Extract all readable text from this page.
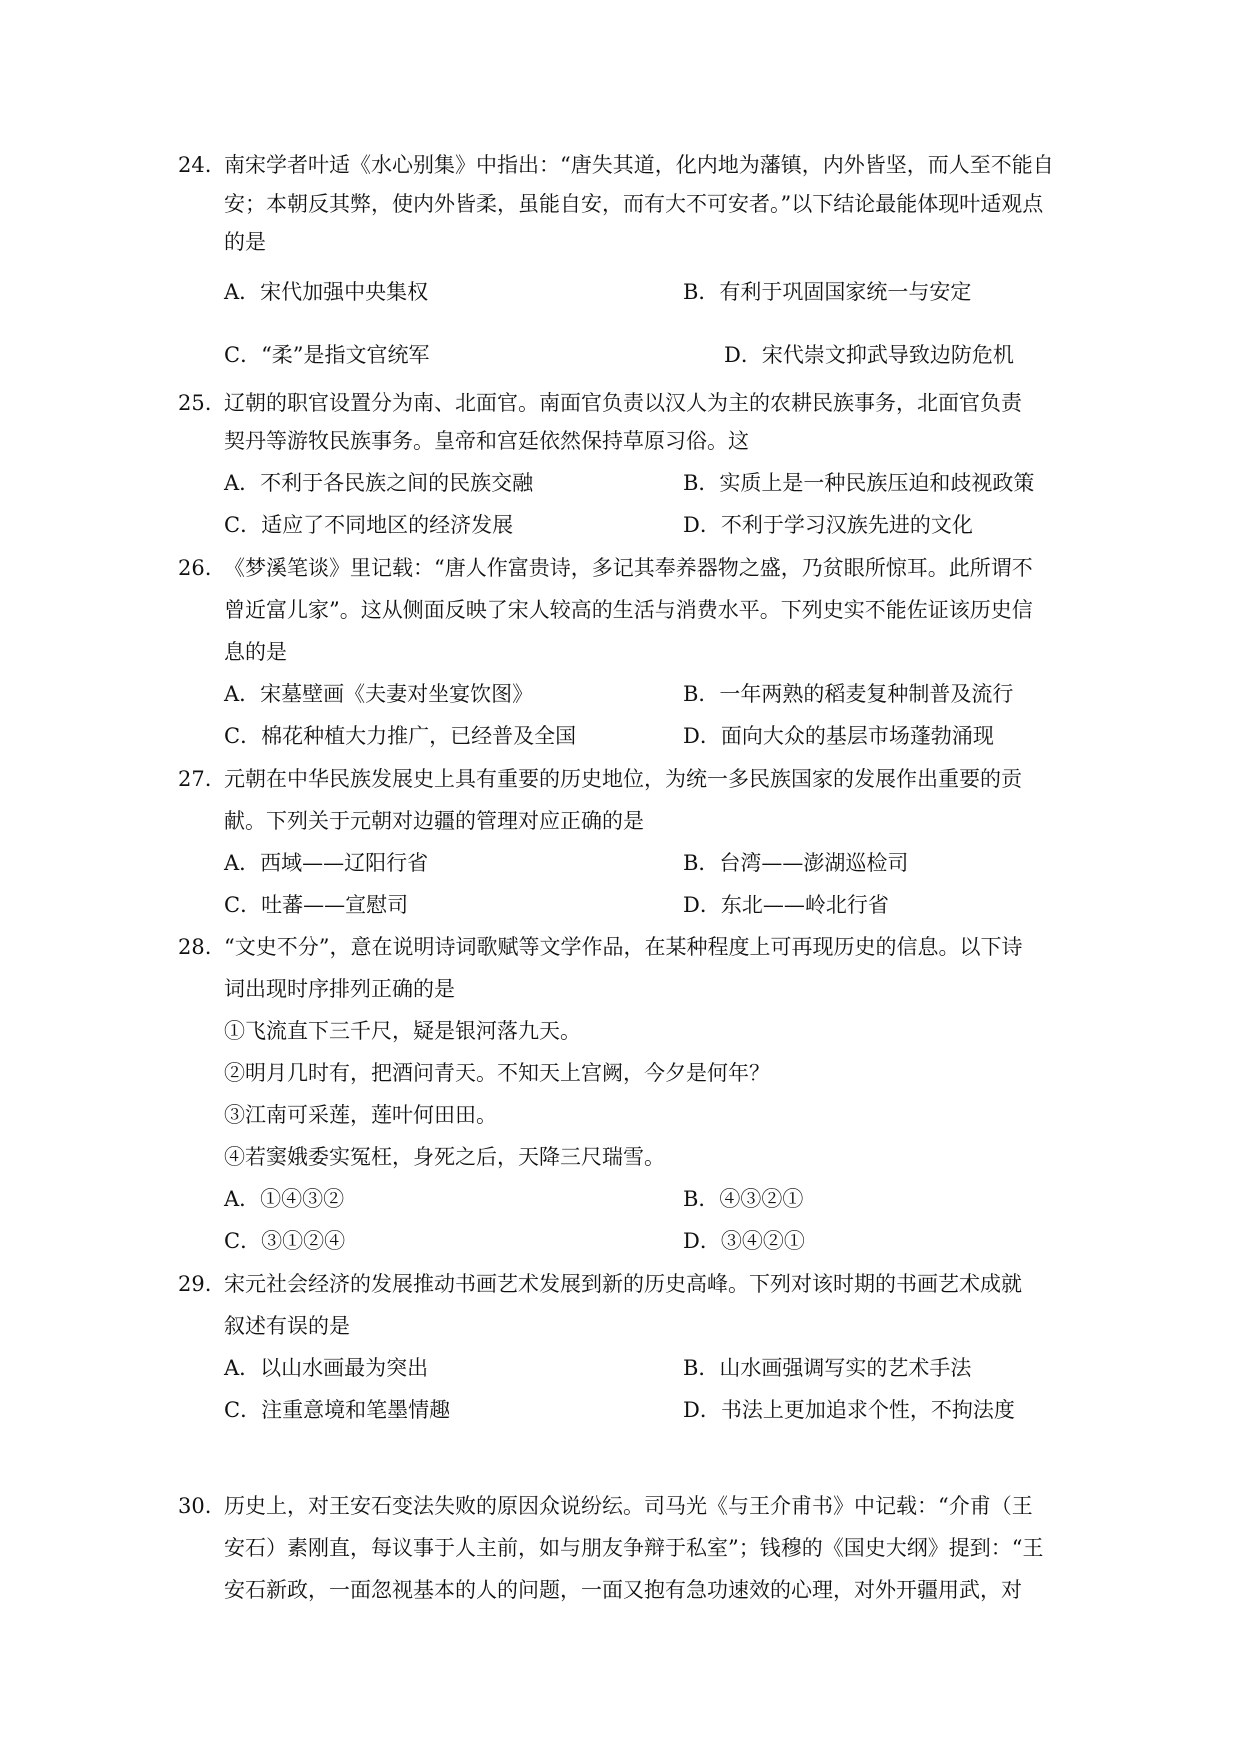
24. 南宋学者叶适《水心别集》中指出：“唐失其道，化内地为藩镇，内外皆坚，而人至不能自
安；本朝反其弊，使内外皆柔，虽能自安，而有大不可安者。”以下结论最能体现叶适观点
的是
A．宋代加强中央集权	B．有利于巩固国家统一与安定
C．“柔”是指文官统军	D．宋代崇文抑武导致边防危机
25. 辽朝的职官设置分为南、北面官。南面官负责以汉人为主的农耕民族事务，北面官负责
契丹等游牧民族事务。皇帝和宫廷依然保持草原习俗。这
A．不利于各民族之间的民族交融	B．实质上是一种民族压迫和歧视政策
C．适应了不同地区的经济发展	D．不利于学习汉族先进的文化
26. 《梦溪笔谈》里记载：“唐人作富贵诗，多记其奉养器物之盛，乃贫眼所惊耳。此所谓不
曾近富儿家”。这从侧面反映了宋人较高的生活与消费水平。下列史实不能佐证该历史信
息的是
A．宋墓壁画《夫妻对坐宴饮图》	B．一年两熟的稻麦复种制普及流行
C．棉花种植大力推广，已经普及全国	D．面向大众的基层市场蓬勃涌现
27. 元朝在中华民族发展史上具有重要的历史地位，为统一多民族国家的发展作出重要的贡
献。下列关于元朝对边疆的管理对应正确的是
A．西域——辽阳行省	B．台湾——澎湖巡检司
C．吐蕃——宣慰司	D．东北——岭北行省
28. “文史不分”，意在说明诗词歌赋等文学作品，在某种程度上可再现历史的信息。以下诗
词出现时序排列正确的是
①飞流直下三千尺，疑是银河落九天。
②明月几时有，把酒问青天。不知天上宫阙，今夕是何年？
③江南可采莲，莲叶何田田。
④若窦娥委实冤枉，身死之后，天降三尺瑞雪。
A．①④③②	B．④③②①
C．③①②④	D．③④②①
29. 宋元社会经济的发展推动书画艺术发展到新的历史高峰。下列对该时期的书画艺术成就
叙述有误的是
A．以山水画最为突出	B．山水画强调写实的艺术手法
C．注重意境和笔墨情趣	D．书法上更加追求个性，不拘法度
30. 历史上，对王安石变法失败的原因众说纷纭。司马光《与王介甫书》中记载：“介甫（王
安石）素刚直，每议事于人主前，如与朋友争辩于私室”；钱穆的《国史大纲》提到：“王
安石新政，一面忽视基本的人的问题，一面又抱有急功速效的心理，对外开疆用武，对
